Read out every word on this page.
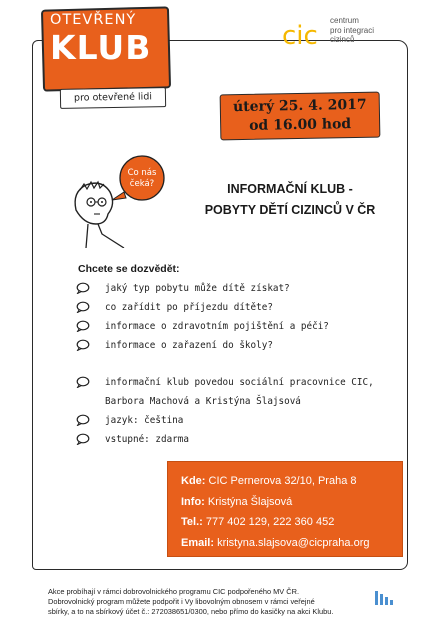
OTEVŘENÝ
KLUB
pro otevřené lidi
cic
centrum
pro integraci
cizinců
úterý 25. 4. 2017
od 16.00 hod
Co nás
čeká?	INFORMAČNÍ KLUB -
POBYTY DĚTÍ CIZINCŮ V ČR
Chcete se dozvědět:
jaký typ pobytu může dítě získat?
co zařídit po příjezdu dítěte?
informace o zdravotním pojištění a péči?
informace o zařazení do školy?
informační klub povedou sociální pracovnice CIC, Barbora Machová a Kristýna Šlajsová
jazyk: čeština
vstupné: zdarma
Kde: CIC Pernerova 32/10, Praha 8
Info: Kristýna Šlajsová
Tel.: 777 402 129, 222 360 452
Email: kristyna.slajsova@cicpraha.org
Akce probíhají v rámci dobrovolnického programu CIC podpořeného MV ČR.
Dobrovolnický program můžete podpořit i Vy libovolným obnosem v rámci veřejné
sbírky, a to na sbírkový účet č.: 272038651/0300, nebo přímo do kasičky na akci Klubu.
